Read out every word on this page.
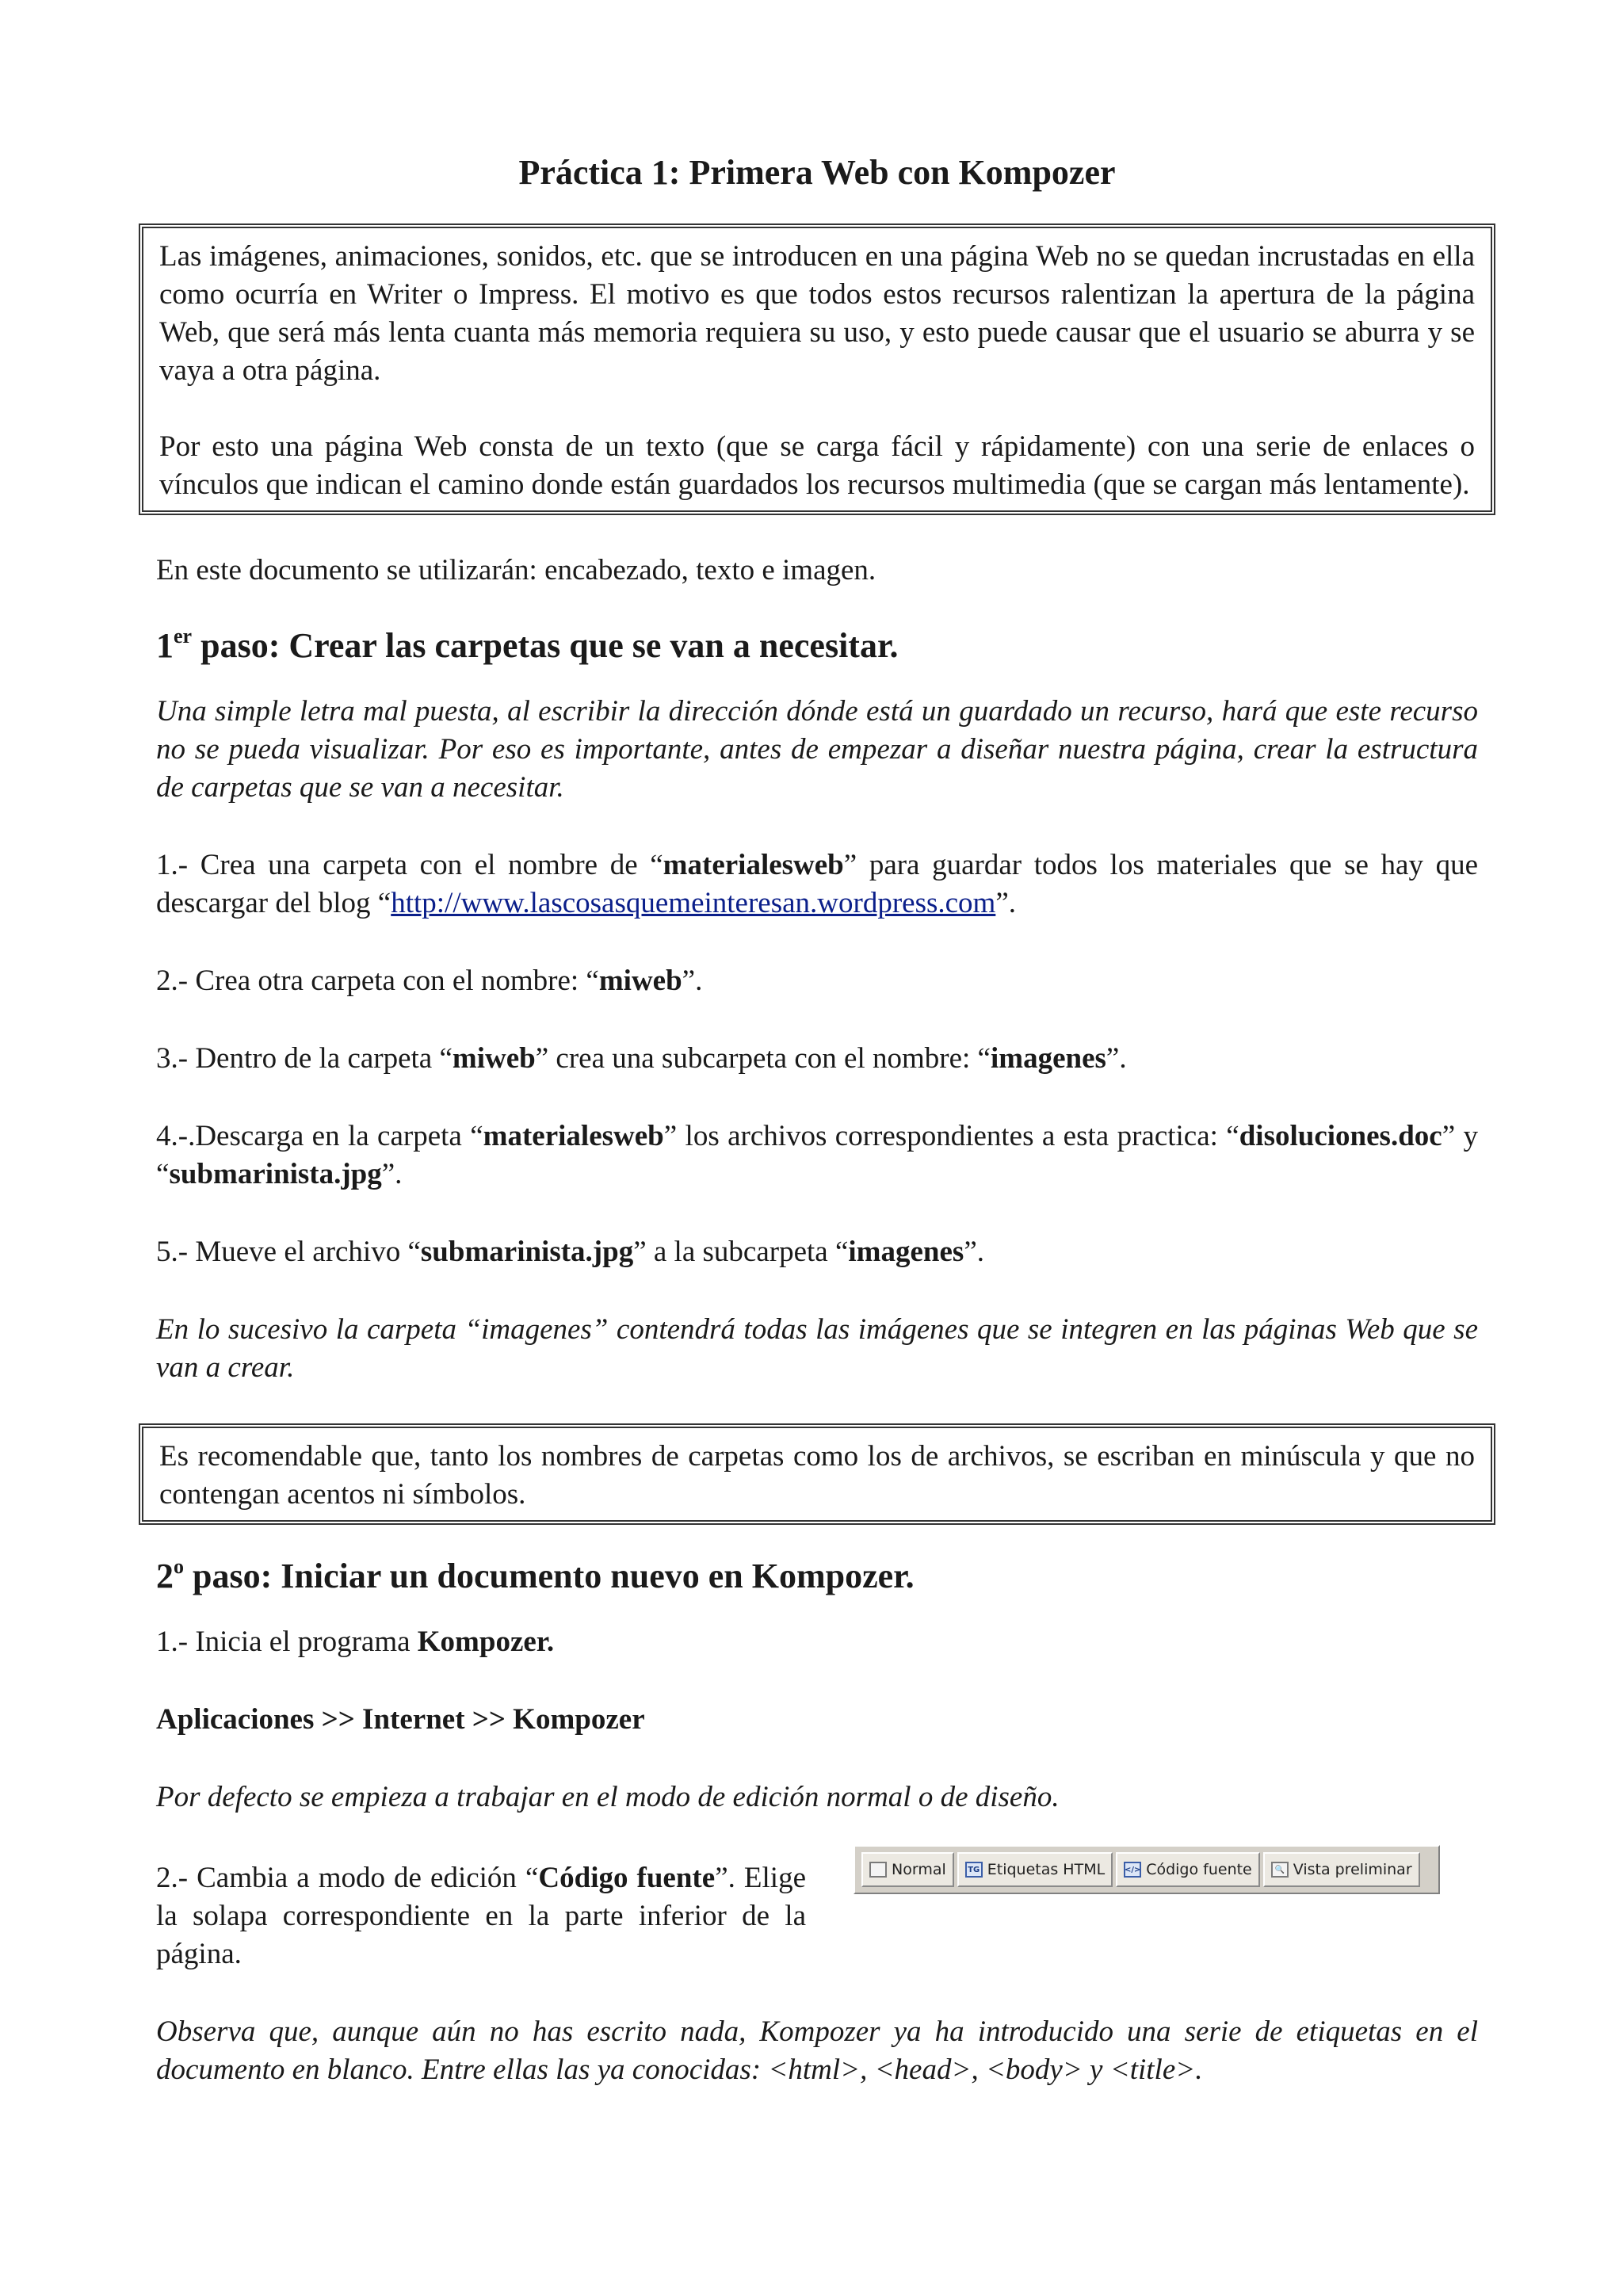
Práctica 1: Primera Web con Kompozer

Las imágenes, animaciones, sonidos, etc. que se introducen en una página Web no se quedan incrustadas en ella como ocurría en Writer o Impress. El motivo es que todos estos recursos ralentizan la apertura de la página Web, que será más lenta cuanta más memoria requiera su uso, y esto puede causar que el usuario se aburra y se vaya a otra página.

Por esto una página Web consta de un texto (que se carga fácil y rápidamente) con una serie de enlaces o vínculos que indican el camino donde están guardados los recursos multimedia (que se cargan más lentamente).

En este documento se utilizarán: encabezado, texto e imagen.

1er paso: Crear las carpetas que se van a necesitar.

Una simple letra mal puesta, al escribir la dirección dónde está un guardado un recurso, hará que este recurso no se pueda visualizar. Por eso es importante, antes de empezar a diseñar nuestra página, crear la estructura de carpetas que se van a necesitar.

1.- Crea una carpeta con el nombre de “materialesweb” para guardar todos los materiales que se hay que descargar del blog “http://www.lascosasquemeinteresan.wordpress.com”.

2.- Crea otra carpeta con el nombre: “miweb”.

3.- Dentro de la carpeta “miweb” crea una subcarpeta con el nombre: “imagenes”.

4.-.Descarga en la carpeta “materialesweb” los archivos correspondientes a esta practica: “disoluciones.doc” y “submarinista.jpg”.

5.- Mueve el archivo “submarinista.jpg” a la subcarpeta “imagenes”.

En lo sucesivo la carpeta “imagenes” contendrá todas las imágenes que se integren en las páginas Web que se van a crear.

Es recomendable que, tanto los nombres de carpetas como los de archivos, se escriban en minúscula y que no contengan acentos ni símbolos.

2$^o$ paso: Iniciar un documento nuevo en Kompozer.

1.- Inicia el programa Kompozer.

Aplicaciones >> Internet >> Kompozer

Por defecto se empieza a trabajar en el modo de edición normal o de diseño.

2.- Cambia a modo de edición “Código fuente”. Elige la solapa correspondiente en la parte inferior de la página.

Normal	TG Etiquetas HTML </> Código fuente	🔍 Vista preliminar

Observa que, aunque aún no has escrito nada, Kompozer ya ha introducido una serie de etiquetas en el documento en blanco. Entre ellas las ya conocidas: <html>, <head>, <body> y <title>.
